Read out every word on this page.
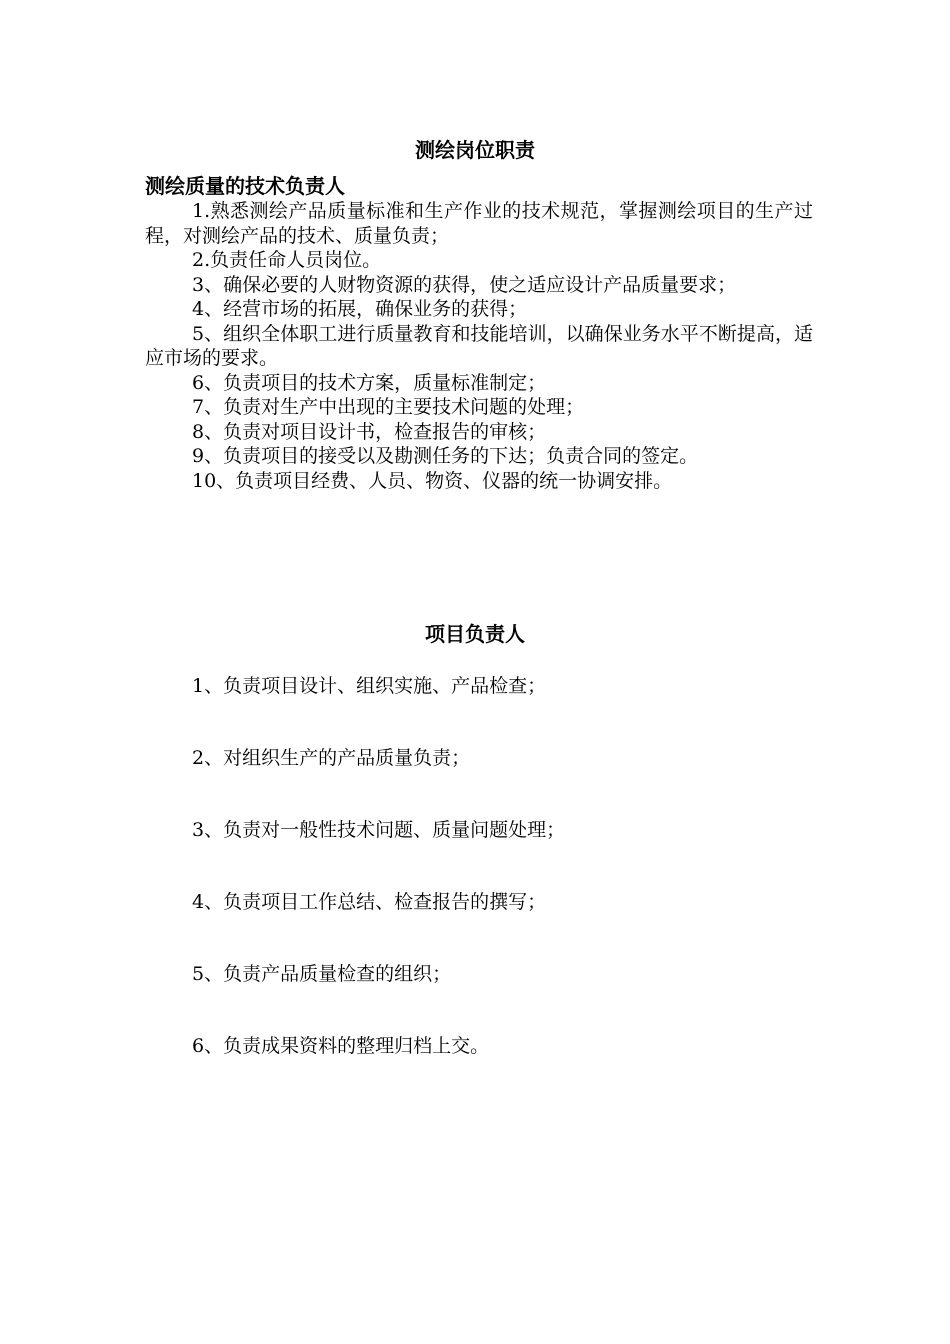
测绘岗位职责
测绘质量的技术负责人
1.熟悉测绘产品质量标准和生产作业的技术规范，掌握测绘项目的生产过程，对测绘产品的技术、质量负责；
2.负责任命人员岗位。
3、确保必要的人财物资源的获得，使之适应设计产品质量要求；
4、经营市场的拓展，确保业务的获得；
5、组织全体职工进行质量教育和技能培训，以确保业务水平不断提高，适应市场的要求。
6、负责项目的技术方案，质量标准制定；
7、负责对生产中出现的主要技术问题的处理；
8、负责对项目设计书，检查报告的审核；
9、负责项目的接受以及勘测任务的下达；负责合同的签定。
10、负责项目经费、人员、物资、仪器的统一协调安排。
项目负责人
1、负责项目设计、组织实施、产品检查；
2、对组织生产的产品质量负责；
3、负责对一般性技术问题、质量问题处理；
4、负责项目工作总结、检查报告的撰写；
5、负责产品质量检查的组织；
6、负责成果资料的整理归档上交。
